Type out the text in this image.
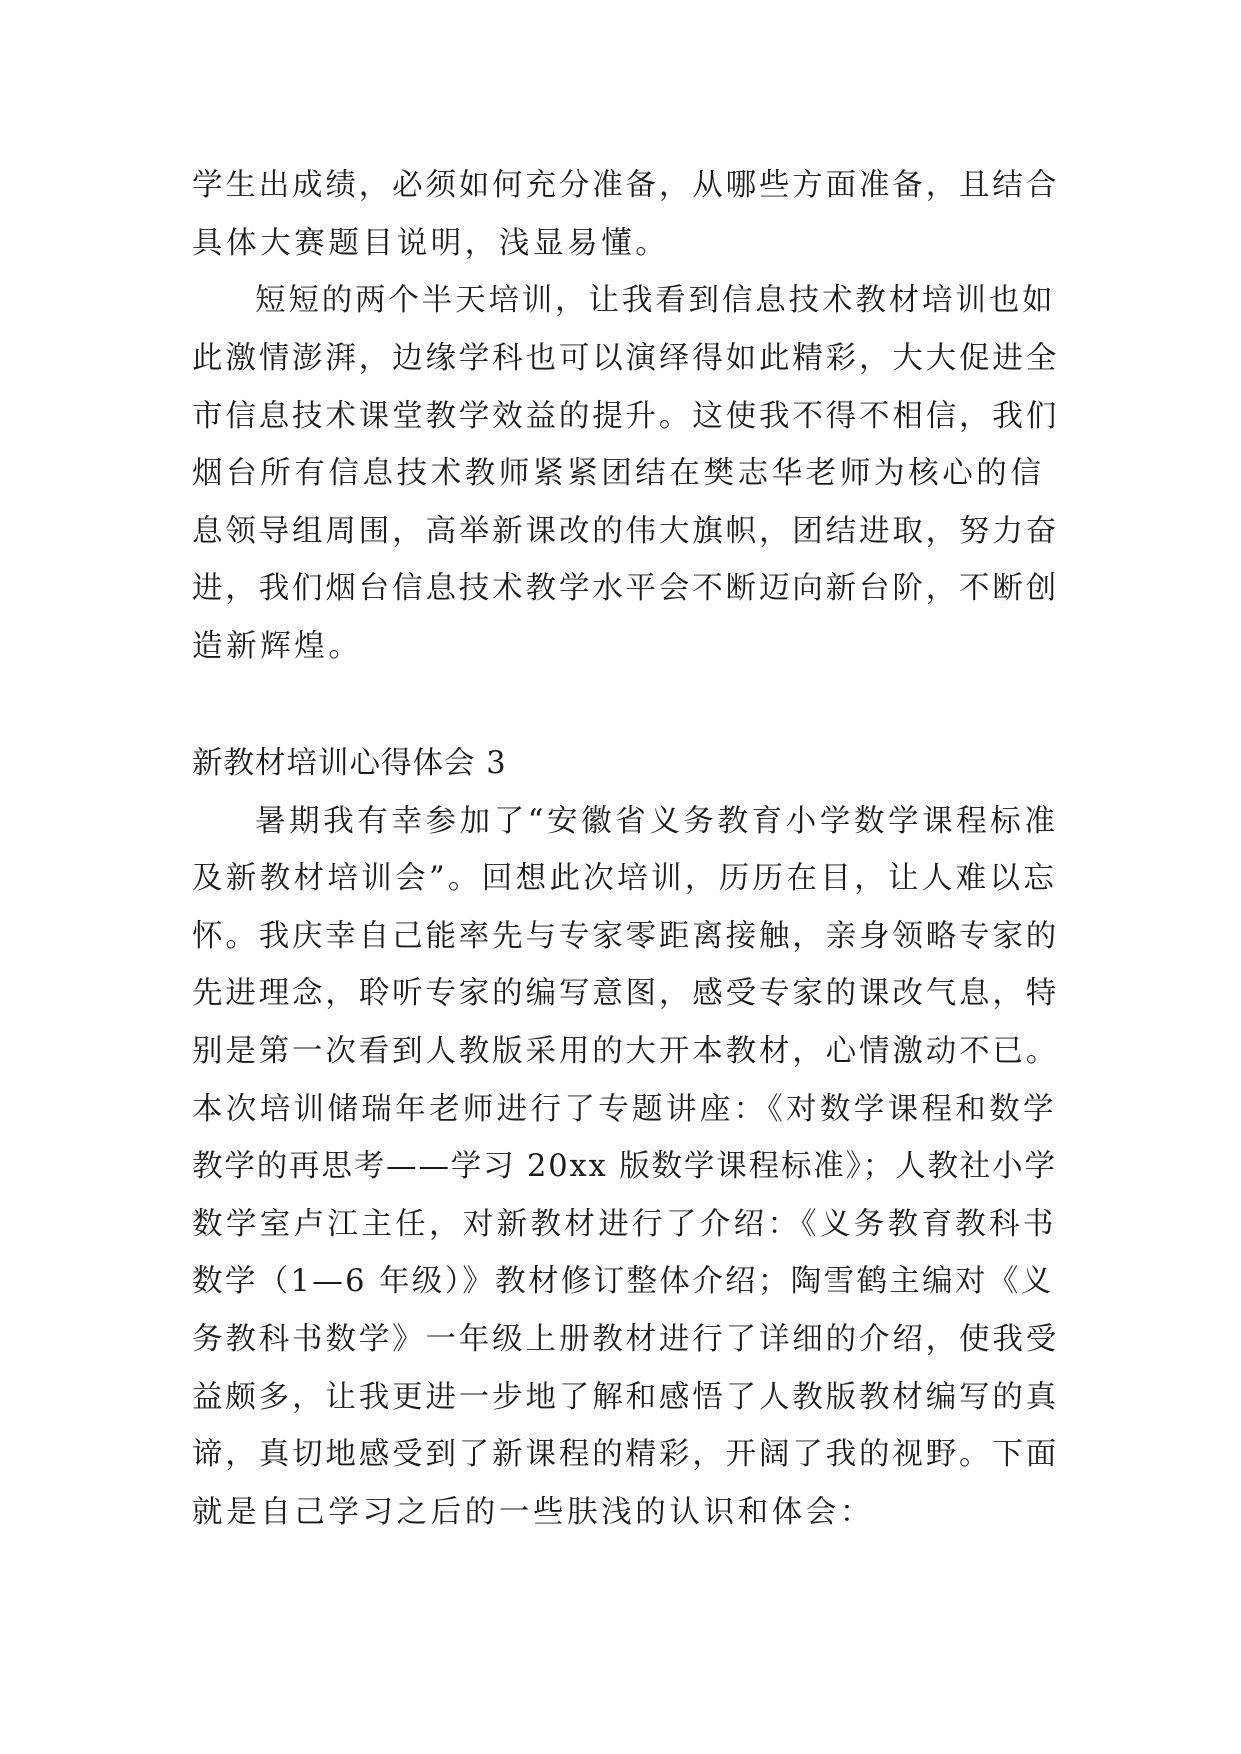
学生出成绩，必须如何充分准备，从哪些方面准备，且结合
具体大赛题目说明，浅显易懂。
短短的两个半天培训，让我看到信息技术教材培训也如
此激情澎湃，边缘学科也可以演绎得如此精彩，大大促进全
市信息技术课堂教学效益的提升。这使我不得不相信，我们
烟台所有信息技术教师紧紧团结在樊志华老师为核心的信
息领导组周围，高举新课改的伟大旗帜，团结进取，努力奋
进，我们烟台信息技术教学水平会不断迈向新台阶，不断创
造新辉煌。
新教材培训心得体会 3
暑期我有幸参加了“安徽省义务教育小学数学课程标准
及新教材培训会”。回想此次培训，历历在目，让人难以忘
怀。我庆幸自己能率先与专家零距离接触，亲身领略专家的
先进理念，聆听专家的编写意图，感受专家的课改气息，特
别是第一次看到人教版采用的大开本教材，心情激动不已。
本次培训储瑞年老师进行了专题讲座：《对数学课程和数学
教学的再思考——学习 20xx 版数学课程标准》；人教社小学
数学室卢江主任，对新教材进行了介绍：《义务教育教科书
数学（1—6 年级）》教材修订整体介绍；陶雪鹤主编对《义
务教科书数学》一年级上册教材进行了详细的介绍，使我受
益颇多，让我更进一步地了解和感悟了人教版教材编写的真
谛，真切地感受到了新课程的精彩，开阔了我的视野。下面
就是自己学习之后的一些肤浅的认识和体会：
